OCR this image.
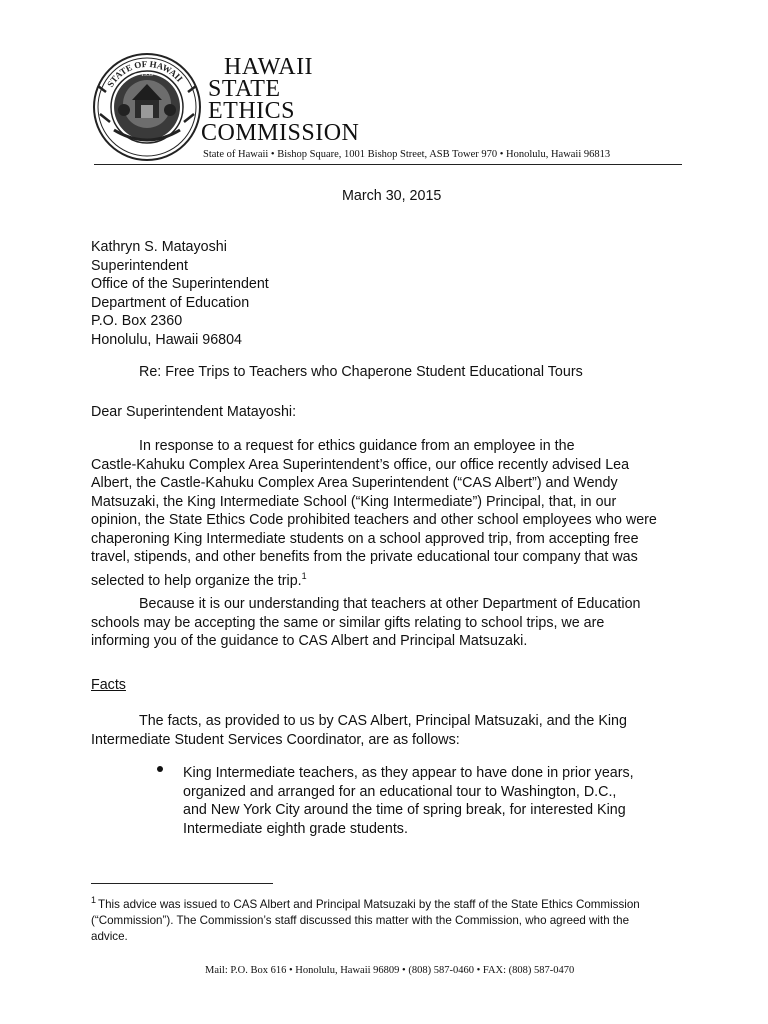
STATE OF HAWAII
1959	HAWAII
STATE
ETHICS
COMMISSION
State of Hawaii • Bishop Square, 1001 Bishop Street, ASB Tower 970 • Honolulu, Hawaii 96813
March 30, 2015
Kathryn S. Matayoshi
Superintendent
Office of the Superintendent
Department of Education
P.O. Box 2360
Honolulu, Hawaii 96804
Re: Free Trips to Teachers who Chaperone Student Educational Tours
Dear Superintendent Matayoshi:
In response to a request for ethics guidance from an employee in the
Castle-Kahuku Complex Area Superintendent’s office, our office recently advised Lea
Albert, the Castle-Kahuku Complex Area Superintendent (“CAS Albert”) and Wendy
Matsuzaki, the King Intermediate School (“King Intermediate”) Principal, that, in our
opinion, the State Ethics Code prohibited teachers and other school employees who were
chaperoning King Intermediate students on a school approved trip, from accepting free
travel, stipends, and other benefits from the private educational tour company that was
selected to help organize the trip.$^1$
Because it is our understanding that teachers at other Department of Education
schools may be accepting the same or similar gifts relating to school trips, we are
informing you of the guidance to CAS Albert and Principal Matsuzaki.
Facts
The facts, as provided to us by CAS Albert, Principal Matsuzaki, and the King
Intermediate Student Services Coordinator, are as follows:
King Intermediate teachers, as they appear to have done in prior years,
organized and arranged for an educational tour to Washington, D.C.,
and New York City around the time of spring break, for interested King
Intermediate eighth grade students.
$^1$ This advice was issued to CAS Albert and Principal Matsuzaki by the staff of the State Ethics Commission
(“Commission”). The Commission’s staff discussed this matter with the Commission, who agreed with the
advice.
Mail: P.O. Box 616 • Honolulu, Hawaii 96809 • (808) 587-0460 • FAX: (808) 587-0470
